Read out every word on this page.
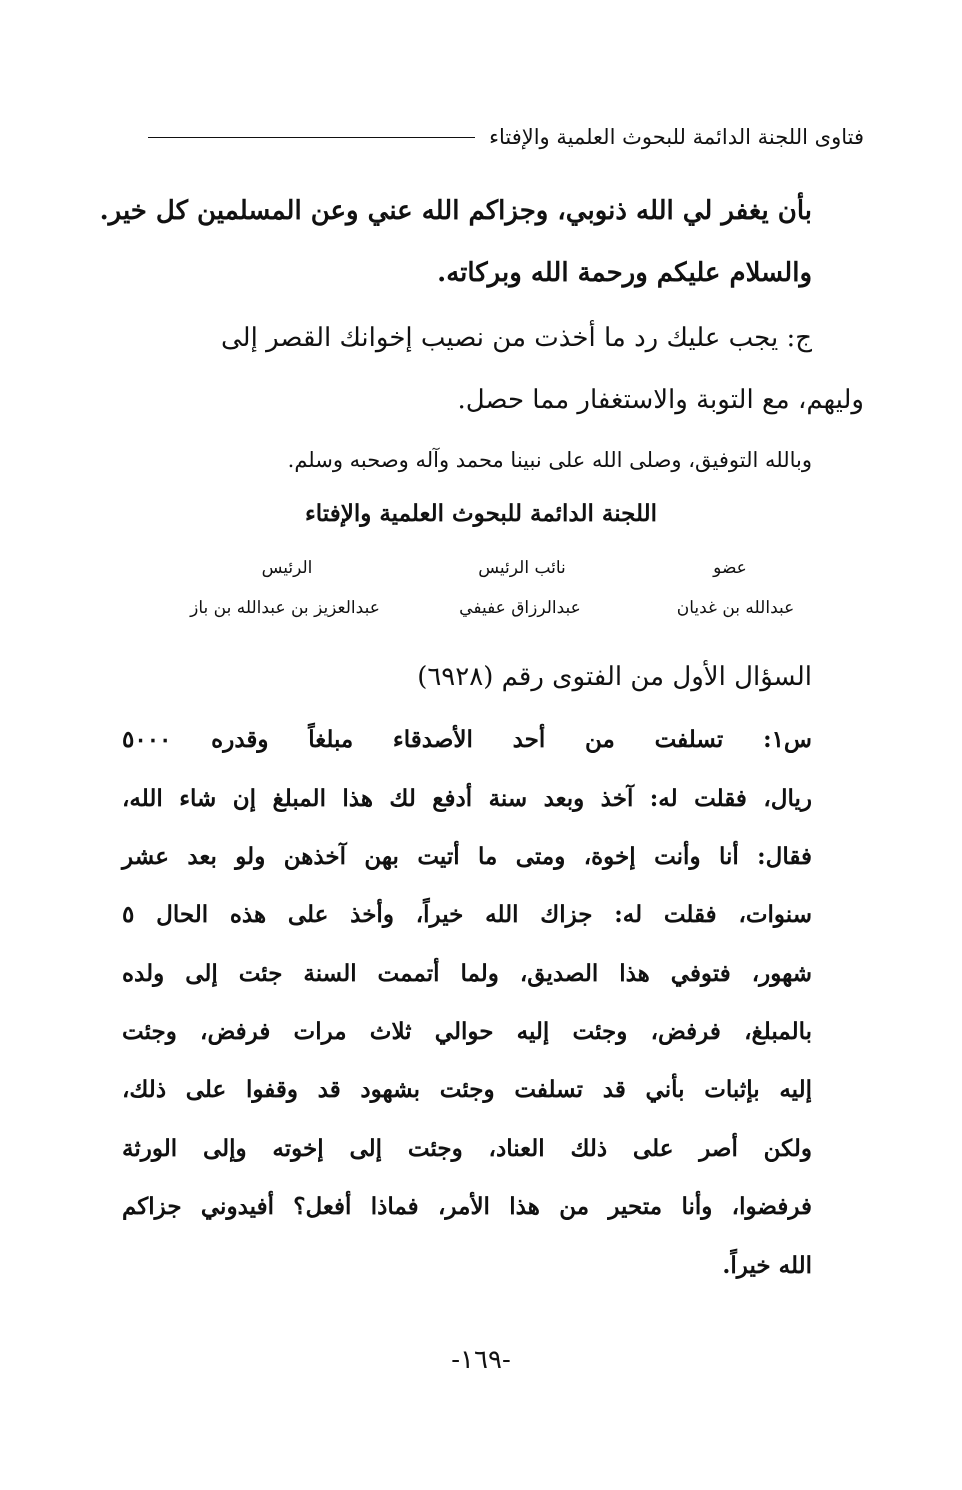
فتاوى اللجنة الدائمة للبحوث العلمية والإفتاء
بأن يغفر لي الله ذنوبي، وجزاكم الله عني وعن المسلمين كل خير.
والسلام عليكم ورحمة الله وبركاته.
ج: يجب عليك رد ما أخذت من نصيب إخوانك القصر إلى
وليهم، مع التوبة والاستغفار مما حصل.
وبالله التوفيق، وصلى الله على نبينا محمد وآله وصحبه وسلم.
اللجنة الدائمة للبحوث العلمية والإفتاء
الرئيس	نائب الرئيس	عضو
عبدالعزيز بن عبدالله بن باز	عبدالرزاق عفيفي	عبدالله بن غديان
السؤال الأول من الفتوى رقم (٦٩٢٨)
س١: تسلفت من أحد الأصدقاء مبلغاً وقدره ٥٠٠٠
ريال، فقلت له: آخذ وبعد سنة أدفع لك هذا المبلغ إن شاء الله،
فقال: أنا وأنت إخوة، ومتى ما أتيت بهن آخذهن ولو بعد عشر
سنوات، فقلت له: جزاك الله خيراً، وأخذ على هذه الحال ٥
شهور، فتوفي هذا الصديق، ولما أتممت السنة جئت إلى ولده
بالمبلغ، فرفض، وجئت إليه حوالي ثلاث مرات فرفض، وجئت
إليه بإثبات بأني قد تسلفت وجئت بشهود قد وقفوا على ذلك،
ولكن أصر على ذلك العناد، وجئت إلى إخوته وإلى الورثة
فرفضوا، وأنا متحير من هذا الأمر، فماذا أفعل؟ أفيدوني جزاكم
الله خيراً.
-١٦٩-
